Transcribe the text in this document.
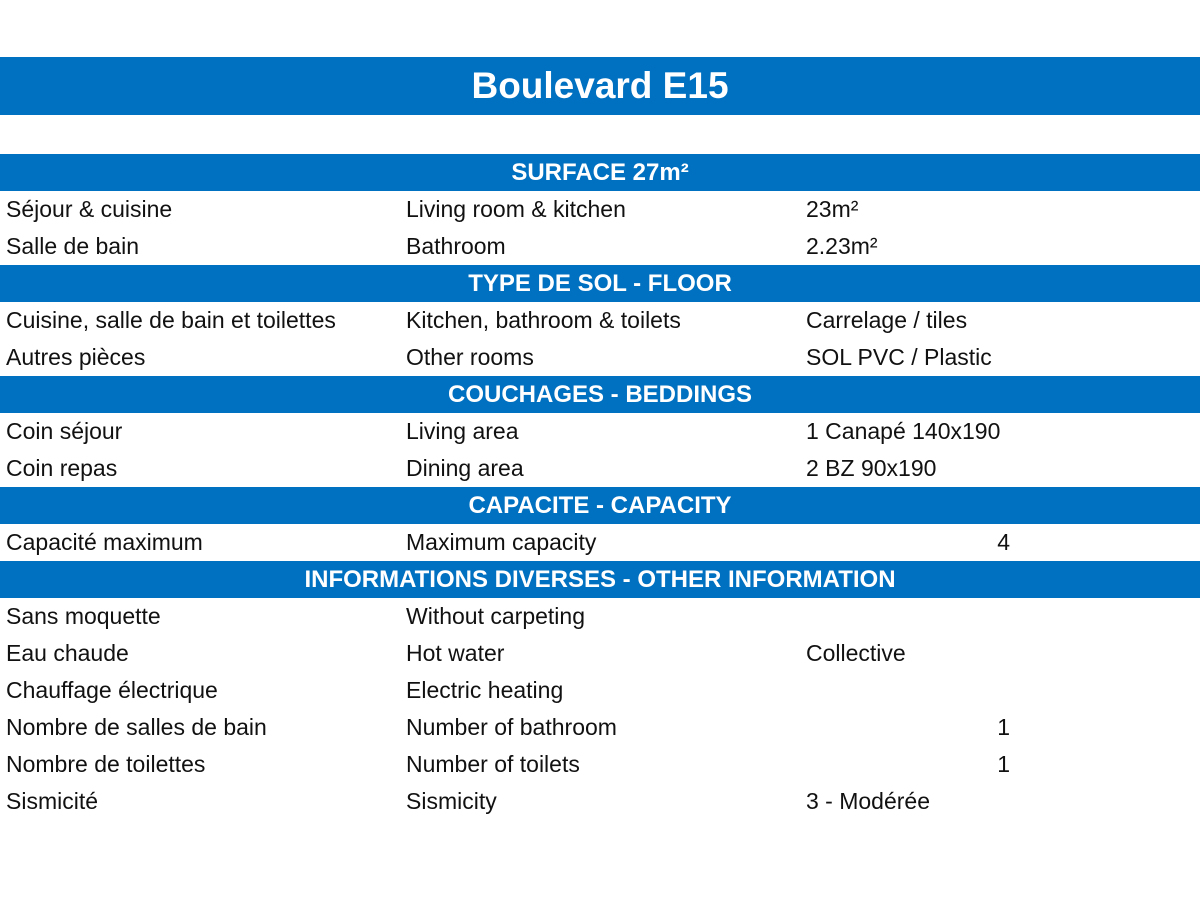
Boulevard E15
SURFACE 27m²
Séjour & cuisine	Living room & kitchen	23m²
Salle de bain	Bathroom	2.23m²
TYPE DE SOL - FLOOR
Cuisine, salle de bain et toilettes	Kitchen, bathroom & toilets	Carrelage / tiles
Autres pièces	Other rooms	SOL PVC / Plastic
COUCHAGES - BEDDINGS
Coin séjour	Living area	1 Canapé 140x190
Coin repas	Dining area	2 BZ 90x190
CAPACITE - CAPACITY
Capacité maximum	Maximum capacity	4
INFORMATIONS DIVERSES - OTHER INFORMATION
Sans moquette	Without carpeting
Eau chaude	Hot water	Collective
Chauffage électrique	Electric heating
Nombre de salles de bain	Number of bathroom	1
Nombre de toilettes	Number of toilets	1
Sismicité	Sismicity	3 - Modérée
